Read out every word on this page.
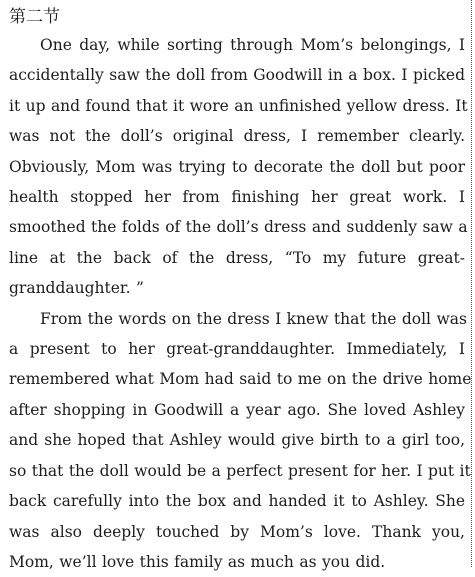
第二节
One day, while sorting through Mom’s belongings, I
accidentally saw the doll from Goodwill in a box. I picked
it up and found that it wore an unfinished yellow dress. It
was not the doll’s original dress, I remember clearly.
Obviously, Mom was trying to decorate the doll but poor
health stopped her from finishing her great work. I
smoothed the folds of the doll’s dress and suddenly saw a
line at the back of the dress, “To my future great-
granddaughter. ”
From the words on the dress I knew that the doll was
a present to her great-granddaughter. Immediately, I
remembered what Mom had said to me on the drive home
after shopping in Goodwill a year ago. She loved Ashley
and she hoped that Ashley would give birth to a girl too,
so that the doll would be a perfect present for her. I put it
back carefully into the box and handed it to Ashley. She
was also deeply touched by Mom’s love. Thank you,
Mom, we’ll love this family as much as you did.
